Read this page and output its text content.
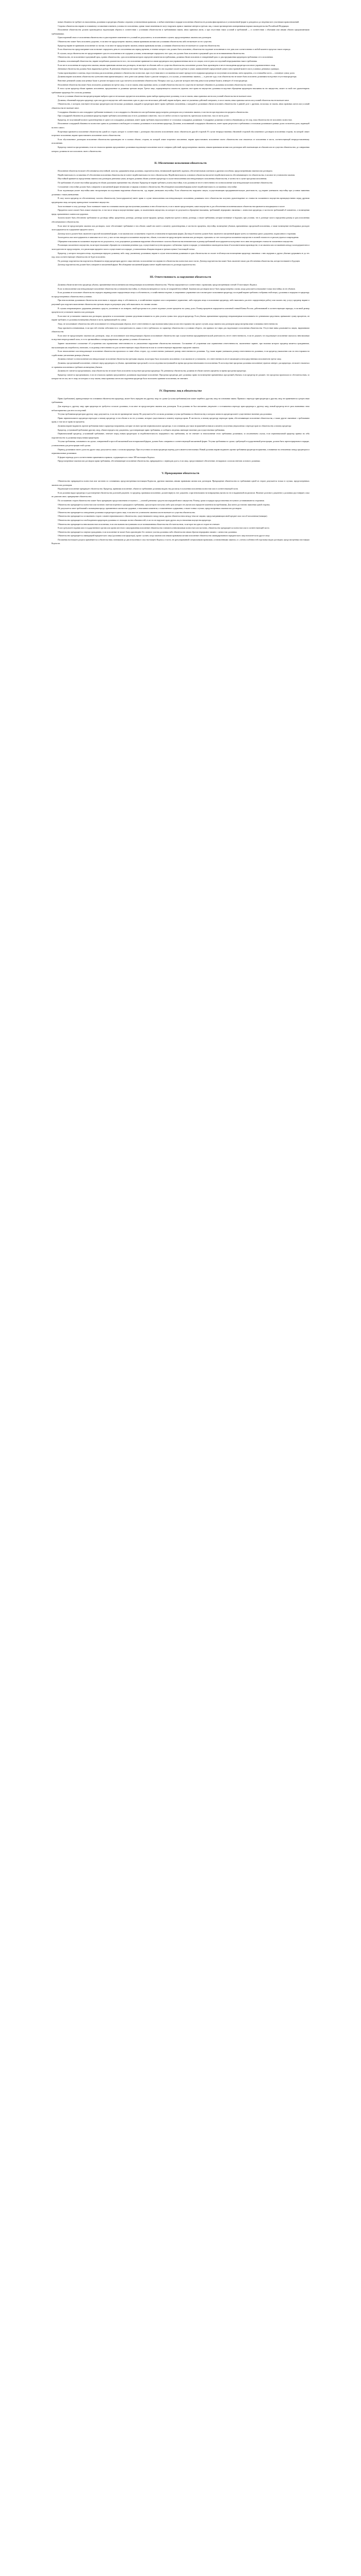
новые обязанности требуют их выполнения, должники и кредиторы обязаны следовать установленным правилам, а любые изменения в порядке исполнения обязательств должны фиксироваться в установленной форме и доводиться до сведения всех участников правоотношений.

Стороны обязательства вправе по взаимному соглашению изменить условия его исполнения, однако такие изменения не могут нарушать права и законные интересы третьих лиц, а также противоречить императивным нормам законодательства Российской Федерации.

Исполнение обязательства должно производиться надлежащим образом в соответствии с условиями обязательства и требованиями закона, иных правовых актов, а при отсутствии таких условий и требований — в соответствии с обычаями или иными обычно предъявляемыми требованиями.

Односторонний отказ от исполнения обязательства и одностороннее изменение его условий не допускаются, за исключением случаев, предусмотренных законом или договором.

Обязательство может быть исполнено досрочно, если иное не предусмотрено законом, иными правовыми актами или условиями обязательства либо не вытекает из его существа.

Кредитор вправе не принимать исполнение по частям, если иное не предусмотрено законом, иными правовыми актами, условиями обязательства и не вытекает из существа обязательства.

Если обязательство предусматривает или позволяет определить день его исполнения или период времени, в течение которого оно должно быть исполнено, обязательство подлежит исполнению в этот день или соответственно в любой момент в пределах такого периода.

В случаях, когда обязательство не предусматривает срок его исполнения и не содержит условия, позволяющие определить этот срок, оно должно быть исполнено в разумный срок после возникновения обязательства.

Обязательство, не исполненное в разумный срок, а равно обязательство, срок исполнения которого определен моментом востребования, должник обязан исполнить в семидневный срок со дня предъявления кредитором требования о его исполнении.

Должник, исполняющий обязательство, вправе потребовать доказательств того, что исполнение принимается самим кредитором или управомоченным им на это лицом, и несет риск последствий непредъявления такого требования.

Если место исполнения не определено законом, иными правовыми актами или договором, не явствует из обычаев либо из существа обязательства, исполнение должно быть произведено в месте нахождения кредитора или иного управомоченного лица.

Денежные обязательства должны быть выражены в рублях. В денежном обязательстве может быть предусмотрено, что оно подлежит оплате в рублях в сумме, эквивалентной определенной сумме в иностранной валюте или в условных денежных единицах.

Сумма произведенного платежа, недостаточная для исполнения денежного обязательства полностью, при отсутствии иного соглашения погашает прежде всего издержки кредитора по получению исполнения, затем проценты, а в оставшейся части — основную сумму долга.

Должник вправе исполнить обязательство путем внесения причитающихся с него денег или ценных бумаг в депозит нотариуса, а в случаях, установленных законом, — в депозит суда, если обязательство не может быть исполнено должником вследствие отсутствия кредитора.

Внесение денежной суммы или ценных бумаг в депозит нотариуса или суда считается исполнением обязательства. Нотариус или суд, в депозит которого внесены деньги или ценные бумаги, извещает об этом кредитора.

Исполнение обязательства может быть возложено должником на третье лицо, если из закона, иных правовых актов, условий обязательства или его существа не вытекает обязанность должника исполнить обязательство лично.

В этом случае кредитор обязан принять исполнение, предложенное за должника третьим лицом. Третье лицо, подвергающееся опасности утратить свое право на имущество должника вследствие обращения кредитором взыскания на это имущество, может за свой счет удовлетворить требование кредитора без согласия должника.

Если по условиям обязательства кредитор вправе выбрать один из нескольких предметов исполнения, право выбора принадлежит должнику, если из закона, иных правовых актов или условий обязательства не вытекает иное.

Должник, обязанный передать кредитору одно или другое имущество либо выполнить одно из двух или нескольких действий, вправе выбрать, какое из указанных действий совершить, если из закона, иных правовых актов или условий обязательства не вытекает иное.

Обязательство, в котором участвуют несколько кредиторов или несколько должников, каждый из кредиторов имеет право требовать исполнения, а каждый из должников обязан исполнить обязательство в равной доле с другими, поскольку из закона, иных правовых актов или условий обязательства не вытекает иное.

Солидарная обязанность или солидарное требование возникает, если солидарность обязанности или требования предусмотрена договором или установлена законом, в частности при неделимости предмета обязательства.

При солидарной обязанности должников кредитор вправе требовать исполнения как от всех должников совместно, так и от любого из них в отдельности, притом как полностью, так и в части долга.

Кредитор, не получивший полного удовлетворения от одного из солидарных должников, имеет право требовать недополученное от остальных солидарных должников. Солидарные должники остаются обязанными до тех пор, пока обязательство не исполнено полностью.

Исполнение солидарной обязанности полностью одним из должников освобождает остальных должников от исполнения кредитору. Должник, исполнивший солидарную обязанность, имеет право регрессного требования к остальным должникам в равных долях за вычетом доли, падающей на него самого.

Встречным признается исполнение обязательства одной из сторон, которое в соответствии с договором обусловлено исполнением своих обязательств другой стороной. В случае непредоставления обязанной стороной обусловленного договором исполнения сторона, на которой лежит встречное исполнение, вправе приостановить исполнение своего обязательства.

Если обусловленное договором исполнение обязательства произведено не в полном объеме, сторона, на которой лежит встречное исполнение, вправе приостановить исполнение своего обязательства или отказаться от исполнения в части, соответствующей непредоставленному исполнению.

Кредитор считается просрочившим, если он отказался принять предложенное должником надлежащее исполнение или не совершил действий, предусмотренных законом, иными правовыми актами или договором либо вытекающих из обычаев или из существа обязательства, до совершения которых должник не мог исполнить своего обязательства.

II. Обеспечение исполнения обязательств

Исполнение обязательств может обеспечиваться неустойкой, залогом, удержанием вещи должника, поручительством, независимой гарантией, задатком, обеспечительным платежом и другими способами, предусмотренными законом или договором.

Недействительность соглашения об обеспечении исполнения обязательства не влечет недействительности этого обязательства. Недействительность основного обязательства влечет недействительность обеспечивающего его обязательства, если иное не установлено законом.

Неустойкой признается определенная законом или договором денежная сумма, которую должник обязан уплатить кредитору в случае неисполнения или ненадлежащего исполнения обязательства, в частности в случае просрочки исполнения.

По требованию об уплате неустойки кредитор не обязан доказывать причинение ему убытков. Кредитор не вправе требовать уплаты неустойки, если должник не несет ответственности за неисполнение или ненадлежащее исполнение обязательства.

Соглашение о неустойке должно быть совершено в письменной форме независимо от формы основного обязательства. Несоблюдение письменной формы влечет недействительность соглашения о неустойке.

Если подлежащая уплате неустойка явно несоразмерна последствиям нарушения обязательства, суд вправе уменьшить неустойку. Если обязательство нарушено лицом, осуществляющим предпринимательскую деятельность, суд вправе уменьшить неустойку при условии заявления должника о таком уменьшении.

В силу залога кредитор по обеспеченному залогом обязательству (залогодержатель) имеет право в случае неисполнения или ненадлежащего исполнения должником этого обязательства получить удовлетворение из стоимости заложенного имущества преимущественно перед другими кредиторами лица, которому принадлежит заложенное имущество.

Залог возникает в силу договора. Залог возникает также на основании закона при наступлении указанных в нем обстоятельств, если в законе предусмотрено, какое имущество и для обеспечения исполнения какого обязательства признается находящимся в залоге.

Предметом залога может быть всякое имущество, в том числе вещи и имущественные права, за исключением имущества, на которое не допускается обращение взыскания, требований, неразрывно связанных с личностью кредитора, в частности требований об алиментах, о возмещении вреда, причиненного жизни или здоровью.

Залогом может быть обеспечено требование по договору займа, кредитному договору, договору купли-продажи, аренды, перевозки грузов и иному договору, а также требования, которые возникнут в будущем, при условии, что в договоре залога определены размер и срок исполнения обеспечиваемого обязательства.

Если иное не предусмотрено законом или договором, залог обеспечивает требование в том объеме, какой оно имеет к моменту удовлетворения, в частности проценты, неустойку, возмещение убытков, причиненных просрочкой исполнения, а также возмещение необходимых расходов залогодержателя на содержание предмета залога.

Договор залога должен быть заключен в простой письменной форме, если законом или соглашением сторон не установлена нотариальная форма. Договор об ипотеке должен быть заключен в письменной форме путем составления одного документа, подписанного сторонами.

Залогодатель или залогодержатель в зависимости от того, у кого из них находится заложенное имущество, обязан, если иное не предусмотрено законом или договором, страховать за счет залогодателя заложенное имущество в полной стоимости от рисков утраты и повреждения.

Обращение взыскания на заложенное имущество не допускается, если допущенное должником нарушение обеспеченного залогом обязательства незначительно и размер требований залогодержателя вследствие этого явно несоразмерен стоимости заложенного имущества.

Реализация заложенного имущества, на которое взыскание обращено на основании решения суда, осуществляется путем продажи с публичных торгов в порядке, установленном законодательством об исполнительном производстве, если законом или соглашением между залогодержателем и залогодателем не предусмотрено, что реализация предмета залога осуществляется в порядке, установленном абзацами вторым и третьим пункта 2 настоящей статьи.

Кредитор, у которого находится вещь, подлежащая передаче должнику либо лицу, указанному должником, вправе в случае неисполнения должником в срок обязательства по оплате этой вещи или возмещению кредитору связанных с нею издержек и других убытков удерживать ее до тех пор, пока соответствующее обязательство не будет исполнено.

По договору поручительства поручитель обязывается перед кредитором другого лица отвечать за исполнение последним его обязательства полностью или в части. Договор поручительства может быть заключен также для обеспечения обязательства, которое возникнет в будущем.

Договор поручительства должен быть совершен в письменной форме. Несоблюдение письменной формы влечет недействительность договора поручительства.

III. Ответственность за нарушение обязательств

Должник обязан возместить кредитору убытки, причиненные неисполнением или ненадлежащим исполнением обязательства. Убытки определяются в соответствии с правилами, предусмотренными статьей 15 настоящего Кодекса.

Если за неисполнение или ненадлежащее исполнение обязательства установлена неустойка, то убытки возмещаются в части, не покрытой неустойкой. Законом или договором могут быть предусмотрены случаи, когда допускается взыскание только неустойки, но не убытков.

Если должник не исполняет обязательство передать индивидуально-определенную вещь в собственность, в хозяйственное ведение, в оперативное управление или в возмездное пользование кредитору, последний вправе требовать отобрания этой вещи у должника и передачи ее кредитору на предусмотренных обязательством условиях.

При неисполнении должником обязательства изготовить и передать вещь в собственность, в хозяйственное ведение или в оперативное управление, либо передать вещь в пользование кредитору, либо выполнить для него определенную работу или оказать ему услугу кредитор вправе в разумный срок поручить выполнение обязательства третьим лицам за разумную цену либо выполнить его своими силами.

В случаях неправомерного удержания денежных средств, уклонения от их возврата, иной просрочки в их уплате подлежат уплате проценты на сумму долга. Размер процентов определяется ключевой ставкой Банка России, действовавшей в соответствующие периоды, если иной размер процентов не установлен законом или договором.

Если иное не установлено законом или договором, проценты за пользование чужими средствами взимаются по день уплаты суммы этих средств кредитору. Если убытки, причиненные кредитору неправомерным пользованием его денежными средствами, превышают сумму процентов, он вправе требовать от должника возмещения убытков в части, превышающей эту сумму.

Лицо, не исполнившее обязательства либо исполнившее его ненадлежащим образом, несет ответственность при наличии вины (умысла или неосторожности), кроме случаев, когда законом или договором предусмотрены иные основания ответственности.

Лицо признается невиновным, если при той степени заботливости и осмотрительности, какая от него требовалась по характеру обязательства и условиям оборота, оно приняло все меры для надлежащего исполнения обязательства. Отсутствие вины доказывается лицом, нарушившим обязательство.

Если иное не предусмотрено законом или договором, лицо, не исполнившее или ненадлежащим образом исполнившее обязательство при осуществлении предпринимательской деятельности, несет ответственность, если не докажет, что надлежащее исполнение оказалось невозможным вследствие непреодолимой силы, то есть чрезвычайных и непредотвратимых при данных условиях обстоятельств.

Заранее заключенное соглашение об устранении или ограничении ответственности за умышленное нарушение обязательства ничтожно. Соглашение об устранении или ограничении ответственности, заключенное заранее, при наличии которого кредитор является гражданином, выступающим как потребитель, ничтожно, если размер ответственности для соответствующего вида обязательств или за соответствующее нарушение определен законом.

Если неисполнение или ненадлежащее исполнение обязательства произошло по вине обеих сторон, суд соответственно уменьшает размер ответственности должника. Суд также вправе уменьшить размер ответственности должника, если кредитор умышленно или по неосторожности содействовал увеличению размера убытков.

Должник отвечает за неисполнение или ненадлежащее исполнение обязательства третьими лицами, на которых было возложено исполнение, если законом не установлено, что ответственность несет являющееся непосредственным исполнителем третье лицо.

Должник, просрочивший исполнение, отвечает перед кредитором за убытки, причиненные просрочкой, и за последствия наступившей во время просрочки невозможности исполнения. Если вследствие просрочки должника исполнение утратило интерес для кредитора, он может отказаться от принятия исполнения и требовать возмещения убытков.

Должник не считается просрочившим, пока обязательство не может быть исполнено вследствие просрочки кредитора. По денежному обязательству должник не обязан платить проценты за время просрочки кредитора.

Кредитор считается просрочившим, если он отказался принять предложенное должником надлежащее исполнение. Просрочка кредитора дает должнику право на возмещение причиненных просрочкой убытков, если кредитор не докажет, что просрочка произошла по обстоятельствам, за которые ни он сам, ни те лица, на которых в силу закона, иных правовых актов или поручения кредитора было возложено принятие исполнения, не отвечают.

IV. Перемена лиц в обязательстве

Право (требование), принадлежащее на основании обязательства кредитору, может быть передано им другому лицу по сделке (уступка требования) или может перейти к другому лицу на основании закона. Правила о переходе прав кредитора к другому лицу не применяются к регрессным требованиям.

Для перехода к другому лицу прав кредитора не требуется согласие должника, если иное не предусмотрено законом или договором. Если должник не был письменно уведомлен о состоявшемся переходе прав кредитора к другому лицу, новый кредитор несет риск вызванных этим неблагоприятных для него последствий.

Уступка требования кредитором другому лицу допускается, если она не противоречит закону. Не допускается без согласия должника уступка требования по обязательству, в котором личность кредитора имеет существенное значение для должника.

Право первоначального кредитора переходит к новому кредитору в том объеме и на тех условиях, которые существовали к моменту перехода права. В частности, к новому кредитору переходят права, обеспечивающие исполнение обязательства, а также другие связанные с требованием права, в том числе право на проценты.

Должник вправе выдвигать против требования нового кредитора возражения, которые он имел против первоначального кредитора, если основания для таких возражений возникли к моменту получения уведомления о переходе прав по обязательству к новому кредитору.

Кредитор, уступивший требование другому лицу, обязан передать ему документы, удостоверяющие право требования, и сообщить сведения, имеющие значение для осуществления требования.

Первоначальный кредитор, уступивший требование, отвечает перед новым кредитором за недействительность переданного ему требования, но не отвечает за неисполнение этого требования должником, за исключением случая, если первоначальный кредитор принял на себя поручительство за должника перед новым кредитором.

Уступка требования, основанного на сделке, совершенной в простой письменной или нотариальной форме, должна быть совершена в соответствующей письменной форме. Уступка требования по сделке, требующей государственной регистрации, должна быть зарегистрирована в порядке, установленном для регистрации этой сделки.

Перевод должником своего долга на другое лицо допускается лишь с согласия кредитора. При отсутствии согласия кредитора перевод долга является ничтожным. Новый должник вправе выдвигать против требования кредитора возражения, основанные на отношениях между кредитором и первоначальным должником.

К форме перевода долга соответственно применяются правила, содержащиеся в статье 389 настоящего Кодекса.

Предусмотренные законом или договором права требования, обеспечивающие исполнение обязательства, прекращаются с переводом долга, если лицо, предоставившее обеспечение, не выразило согласия отвечать за нового должника.

V. Прекращение обязательств

Обязательство прекращается полностью или частично по основаниям, предусмотренным настоящим Кодексом, другими законами, иными правовыми актами или договором. Прекращение обязательства по требованию одной из сторон допускается только в случаях, предусмотренных законом или договором.

Надлежащее исполнение прекращает обязательство. Кредитор, принимая исполнение, обязан по требованию должника выдать ему расписку в получении исполнения полностью или в соответствующей части.

Если должник выдал кредитору в удостоверение обязательства долговой документ, то кредитор, принимая исполнение, должен вернуть этот документ, а при невозможности возвращения указать на это в выдаваемой им расписке. Наличие долгового документа у должника удостоверяет, пока не доказано иное, прекращение обязательства.

По соглашению сторон обязательство может быть прекращено предоставлением отступного — уплатой денежных средств или передачей иного имущества. Размер, сроки и порядок предоставления отступного устанавливаются сторонами.

Обязательство прекращается полностью или частично зачетом встречного однородного требования, срок которого наступил либо срок которого не указан или определен моментом востребования. Для зачета достаточно заявления одной стороны.

Не допускается зачет требований о возмещении вреда, причиненного жизни или здоровью, о взыскании алиментов, о пожизненном содержании, а также в иных случаях, предусмотренных законом или договором.

Обязательство прекращается совпадением должника и кредитора в одном лице, если иное не установлено законом или не вытекает из существа обязательства.

Обязательство прекращается соглашением сторон о замене первоначального обязательства, существовавшего между ними, другим обязательством между теми же лицами, предусматривающим иной предмет или способ исполнения (новация).

Обязательство прекращается освобождением кредитором должника от лежащих на нем обязанностей, если это не нарушает прав других лиц в отношении имущества кредитора.

Обязательство прекращается невозможностью исполнения, если она вызвана наступившим после возникновения обязательства обстоятельством, за которое ни одна из сторон не отвечает.

Если в результате издания акта государственного органа или органа местного самоуправления исполнение обязательства становится невозможным полностью или частично, обязательство прекращается полностью или в соответствующей части.

Обязательство прекращается смертью гражданина, если исполнение не может быть произведено без личного участия должника либо обязательство иным образом неразрывно связано с личностью должника.

Обязательство прекращается ликвидацией юридического лица (должника или кредитора), кроме случаев, когда законом или иными правовыми актами исполнение обязательства ликвидированного юридического лица возлагается на другое лицо.

Положения настоящего раздела применяются к обязательствам, возникшим до дня вступления в силу настоящего Кодекса, в части, не урегулированной специальными правилами, установленными законом, и с учетом особенностей отдельных видов договоров, предусмотренных настоящим Кодексом.
